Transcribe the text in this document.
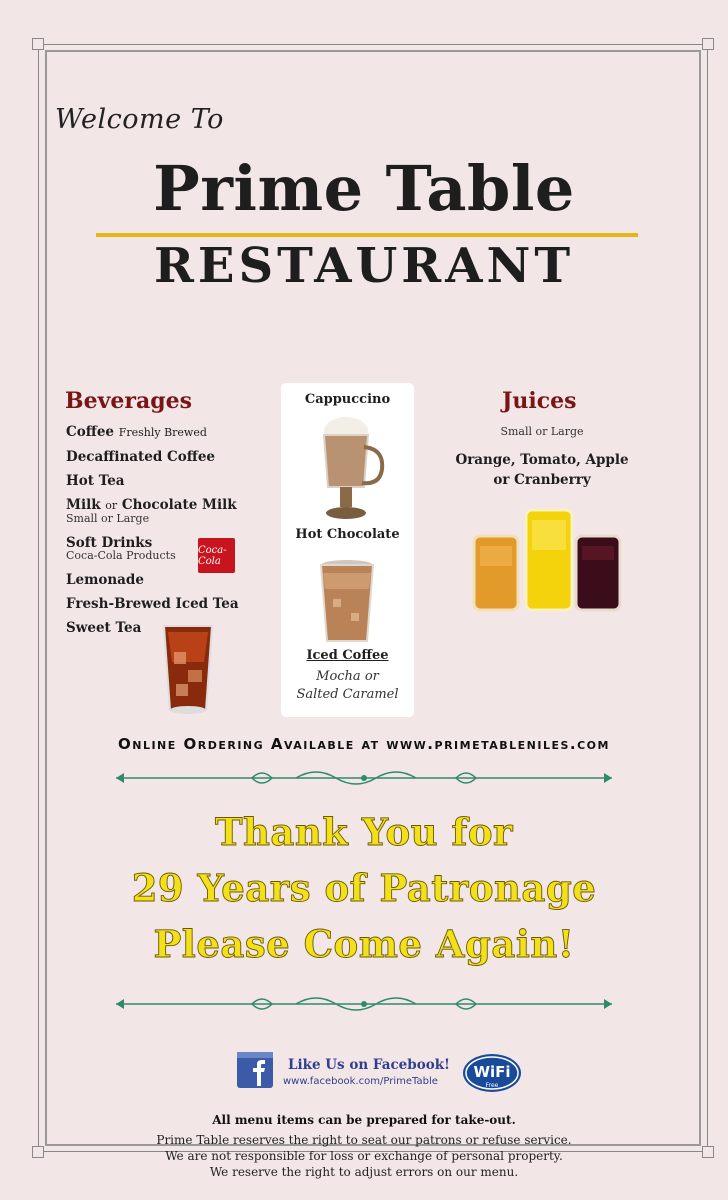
Welcome To
Prime Table
RESTAURANT
Beverages
Coffee Freshly Brewed
Decaffinated Coffee
Hot Tea
Milk or Chocolate Milk
Small or Large
Soft Drinks
Coca-Cola Products
Lemonade
Fresh-Brewed Iced Tea
Sweet Tea
Coca-Cola
Cappuccino
Hot Chocolate
Iced Coffee
Mocha or
Salted Caramel
Juices
Small or Large
Orange, Tomato, Apple
or Cranberry
Online Ordering Available at www.primetableniles.com
Thank You for
29 Years of Patronage
Please Come Again!
Like Us on Facebook!
www.facebook.com/PrimeTable
WiFi
Free
All menu items can be prepared for take-out.
Prime Table reserves the right to seat our patrons or refuse service.
We are not responsible for loss or exchange of personal property.
We reserve the right to adjust errors on our menu.
